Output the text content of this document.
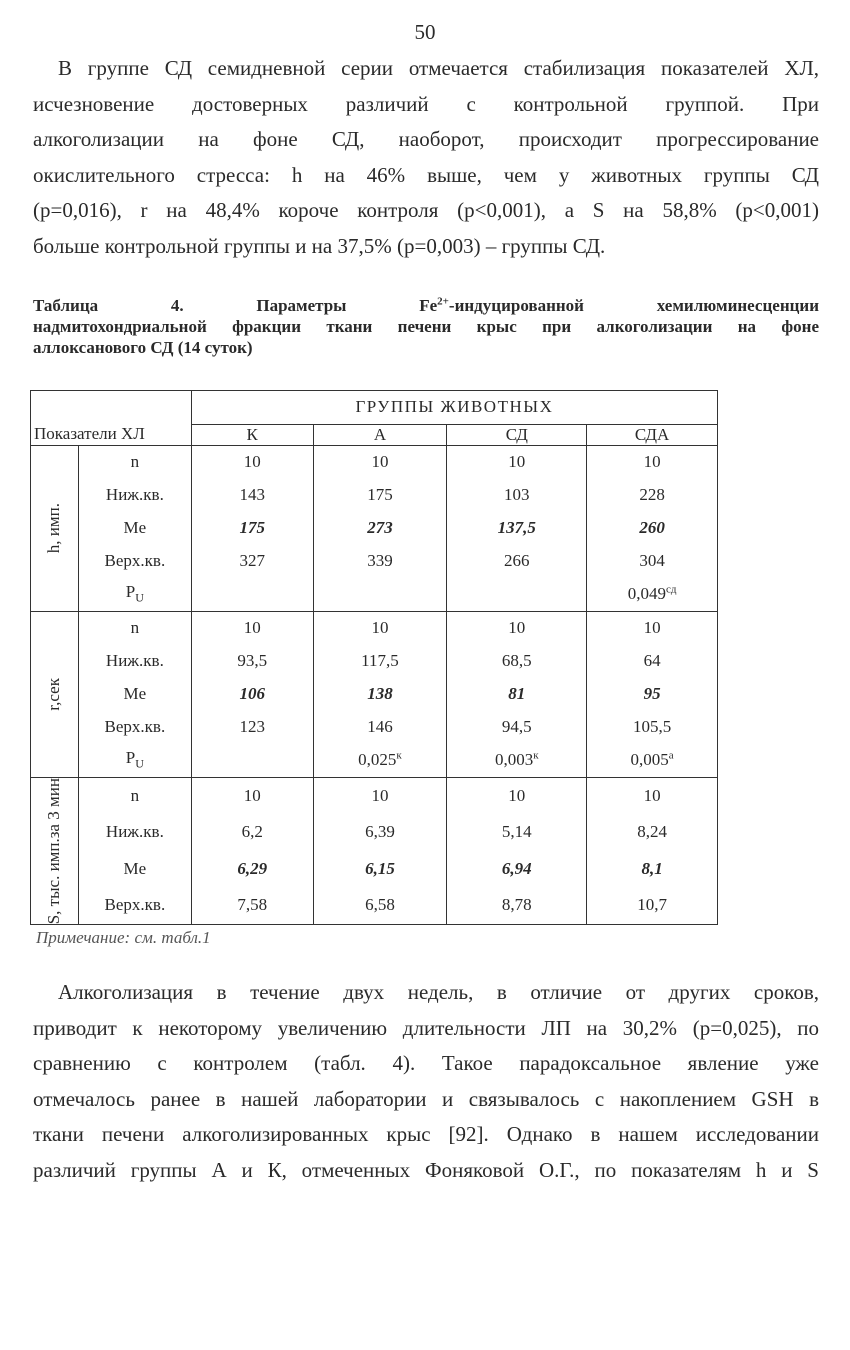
50
В группе СД семидневной серии отмечается стабилизация показателей ХЛ,
исчезновение достоверных различий с контрольной группой. При
алкоголизации на фоне СД, наоборот, происходит прогрессирование
окислительного стресса: h на 46% выше, чем у животных группы СД
(р=0,016), r на 48,4% короче контроля (р<0,001), а S на 58,8% (р<0,001)
больше контрольной группы и на 37,5% (р=0,003) – группы СД.
Таблица 4. Параметры $Fe^{2+}$-индуцированной хемилюминесценции
надмитохондриальной фракции ткани печени крыс при алкоголизации на фоне
аллоксанового СД (14 суток)
		ГРУППЫ ЖИВОТНЫХ			
Показатели ХЛ		К	А	СД	СДА

h, имп.	n	10	10	10	10
	Ниж.кв.	143	175	103	228
	Me	175	273	137,5	260
	Верх.кв.	327	339	266	304
	$P_U$				$0,049^{сд}$

r,сек	n	10	10	10	10
	Ниж.кв.	93,5	117,5	68,5	64
	Me	106	138	81	95
	Верх.кв.	123	146	94,5	105,5
	$P_U$		$0,025^к$	$0,003^к$	$0,005^а$

S, тыс. имп.
за 3 мин	n	10	10	10	10
	Ниж.кв.	6,2	6,39	5,14	8,24
	Me	6,29	6,15	6,94	8,1
	Верх.кв.	7,58	6,58	8,78	10,7

Примечание: см. табл.1

Алкоголизация в течение двух недель, в отличие от других сроков,
приводит к некоторому увеличению длительности ЛП на 30,2% (р=0,025), по
сравнению с контролем (табл. 4). Такое парадоксальное явление уже
отмечалось ранее в нашей лаборатории и связывалось с накоплением GSH в
ткани печени алкоголизированных крыс [92]. Однако в нашем исследовании
различий группы А и К, отмеченных Фоняковой О.Г., по показателям h и S
